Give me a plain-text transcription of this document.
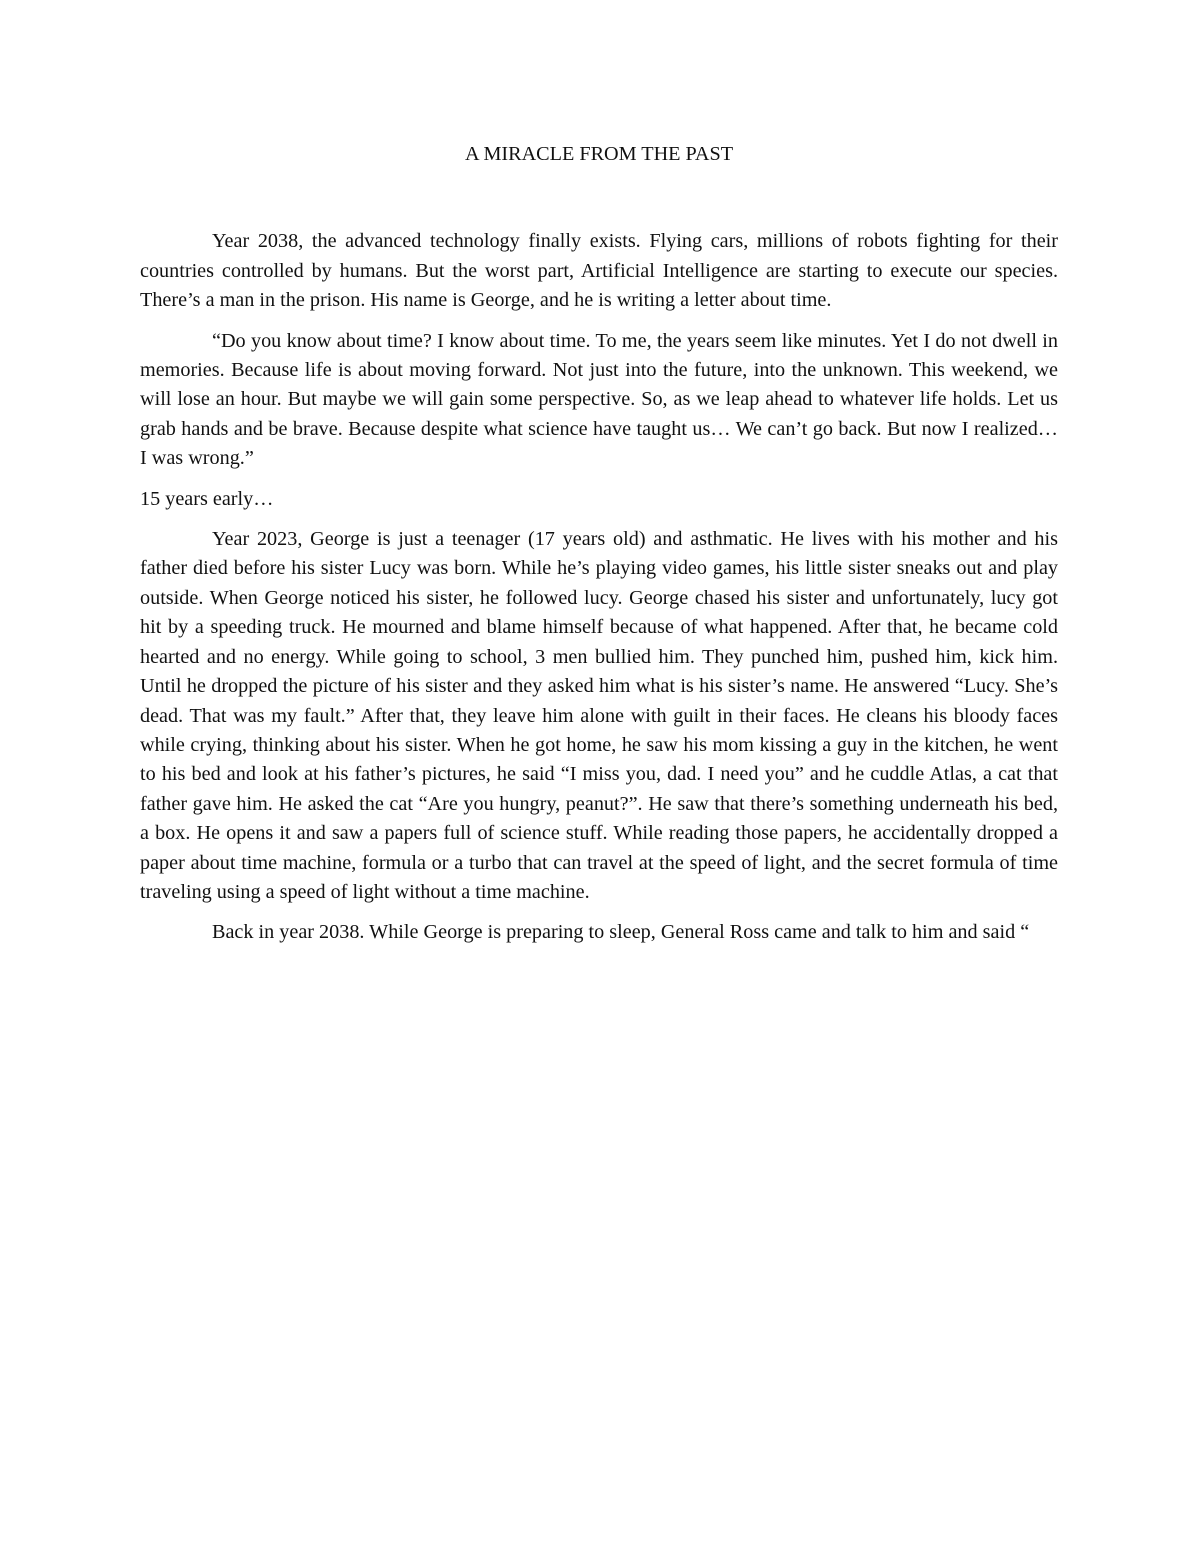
A MIRACLE FROM THE PAST

Year 2038, the advanced technology finally exists. Flying cars, millions of robots fighting for their countries controlled by humans. But the worst part, Artificial Intelligence are starting to execute our species. There’s a man in the prison. His name is George, and he is writing a letter about time.

“Do you know about time? I know about time. To me, the years seem like minutes. Yet I do not dwell in memories. Because life is about moving forward. Not just into the future, into the unknown. This weekend, we will lose an hour. But maybe we will gain some perspective. So, as we leap ahead to whatever life holds. Let us grab hands and be brave. Because despite what science have taught us… We can’t go back. But now I realized… I was wrong.”

15 years early…

Year 2023, George is just a teenager (17 years old) and asthmatic. He lives with his mother and his father died before his sister Lucy was born. While he’s playing video games, his little sister sneaks out and play outside. When George noticed his sister, he followed lucy. George chased his sister and unfortunately, lucy got hit by a speeding truck. He mourned and blame himself because of what happened. After that, he became cold hearted and no energy. While going to school, 3 men bullied him. They punched him, pushed him, kick him. Until he dropped the picture of his sister and they asked him what is his sister’s name. He answered “Lucy. She’s dead. That was my fault.” After that, they leave him alone with guilt in their faces. He cleans his bloody faces while crying, thinking about his sister. When he got home, he saw his mom kissing a guy in the kitchen, he went to his bed and look at his father’s pictures, he said “I miss you, dad. I need you” and he cuddle Atlas, a cat that father gave him. He asked the cat “Are you hungry, peanut?”. He saw that there’s something underneath his bed, a box. He opens it and saw a papers full of science stuff. While reading those papers, he accidentally dropped a paper about time machine, formula or a turbo that can travel at the speed of light, and the secret formula of time traveling using a speed of light without a time machine.

Back in year 2038. While George is preparing to sleep, General Ross came and talk to him and said “
